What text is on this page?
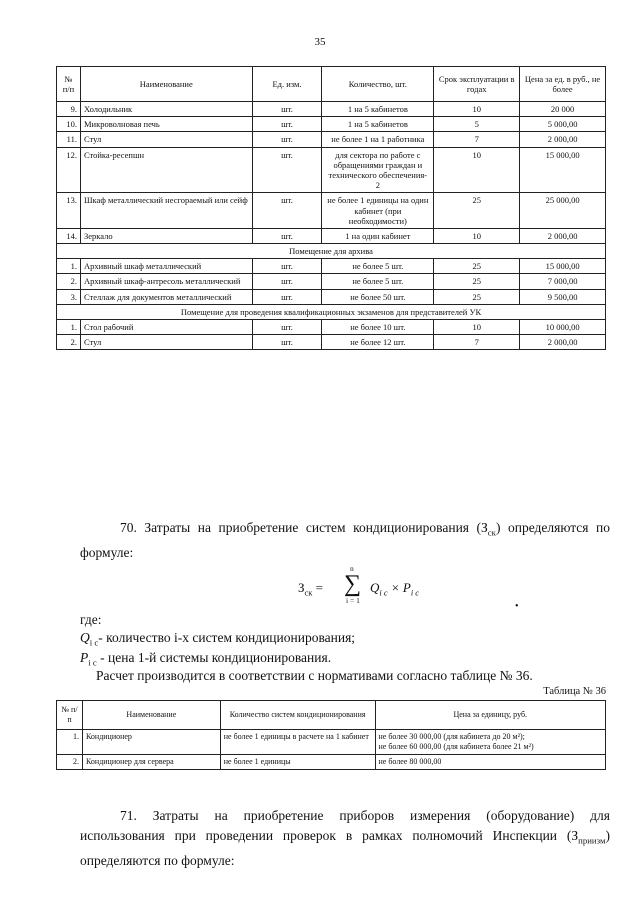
35
№ п/п	Наименование	Ед. изм.	Количество, шт.	Срок эксплуатации в годах	Цена за ед. в руб., не более
9.	Холодильник	шт.	1 на 5 кабинетов	10	20 000
10.	Микроволновая печь	шт.	1 на 5 кабинетов	5	5 000,00
11.	Стул	шт.	не более 1 на 1 работника	7	2 000,00
12.	Стойка-ресепшн	шт.	для сектора по работе с обращениями граждан и технического обеспечения- 2	10	15 000,00
13.	Шкаф металлический несгораемый или сейф	шт.	не более 1 единицы на один кабинет (при необходимости)	25	25 000,00
14.	Зеркало	шт.	1 на один кабинет	10	2 000,00
Помещение для архива					
1.	Архивный шкаф металлический	шт.	не более 5 шт.	25	15 000,00
2.	Архивный шкаф-антресоль металлический	шт.	не более 5 шт.	25	7 000,00
3.	Стеллаж для документов металлический	шт.	не более 50 шт.	25	9 500,00
Помещение для проведения квалификационных экзаменов для представителей УК					
1.	Стол рабочий	шт.	не более 10 шт.	10	10 000,00
2.	Стул	шт.	не более 12 шт.	7	2 000,00
70. Затраты на приобретение систем кондиционирования $(З_{ск})$ определяются по формуле:
$З_{ск}$ =
n
∑
i = 1
$Q_{i с} \times P_{i с}$
•
где:
$Q_{i с}-$ количество i-х систем кондиционирования;
$P_{i с}$ - цена 1-й системы кондиционирования.
Расчет производится в соответствии с нормативами согласно таблице № 36.
Таблица № 36
№ п/п	Наименование	Количество систем кондиционирования	Цена за единицу, руб.
1.	Кондиционер	не более 1 единицы в расчете на 1 кабинет	не более 30 000,00 (для кабинета до 20 м²);
не более 60 000,00 (для кабинета более 21 м²)

2.	Кондиционер для сервера	не более 1 единицы	не более 80 000,00
71. Затраты на приобретение приборов измерения (оборудование) для использования при проведении проверок в рамках полномочий Инспекции $(З_{приизм})$ определяются по формуле:
